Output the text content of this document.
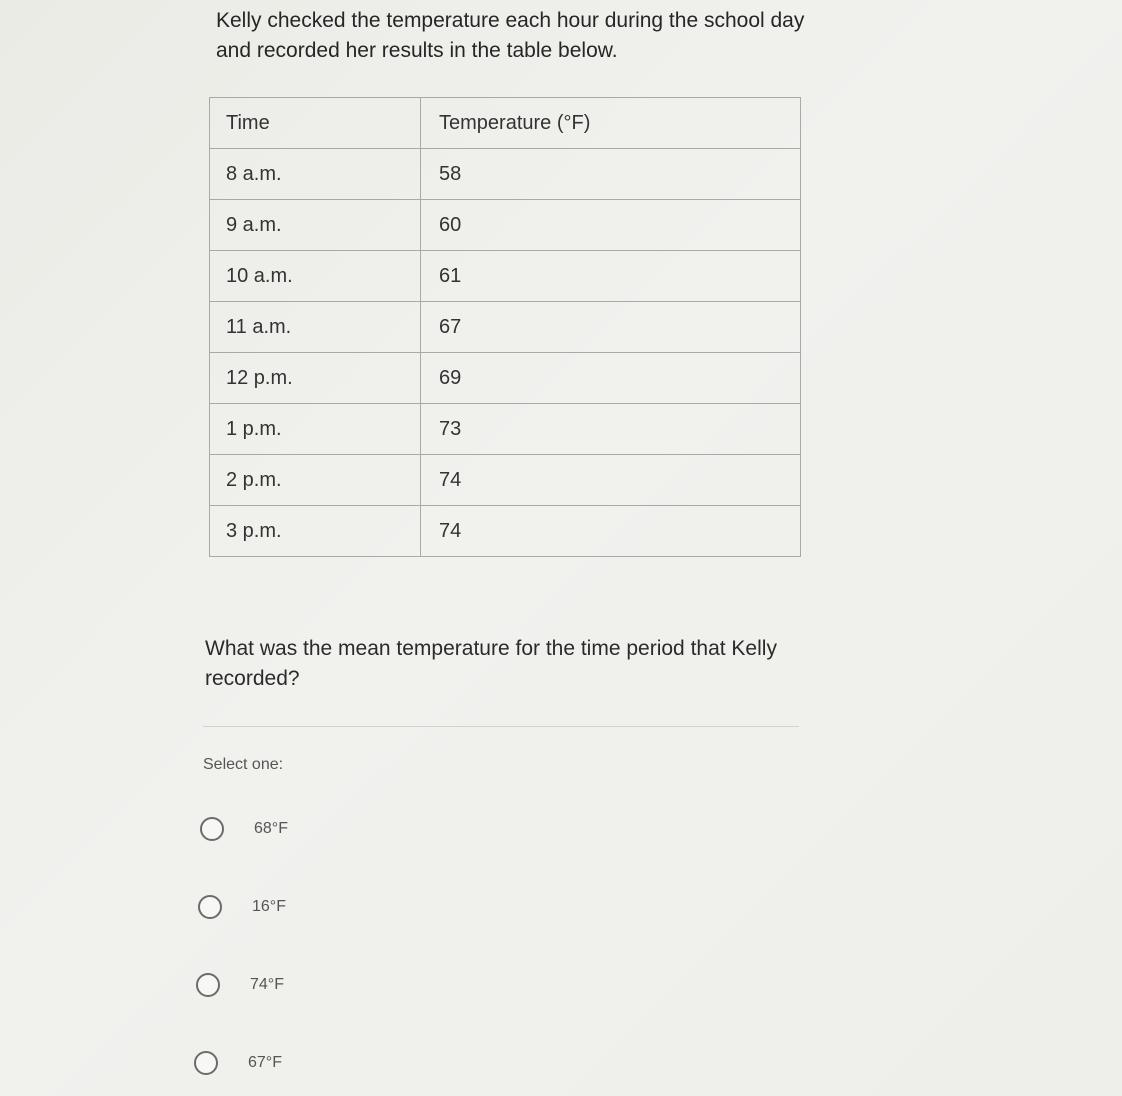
Kelly checked the temperature each hour during the school day and recorded her results in the table below.

Time	Temperature (°F)
8 a.m.	58
9 a.m.	60
10 a.m.	61
11 a.m.	67
12 p.m.	69
1 p.m.	73
2 p.m.	74
3 p.m.	74

What was the mean temperature for the time period that Kelly recorded?

Select one:
68°F
16°F
74°F
67°F
